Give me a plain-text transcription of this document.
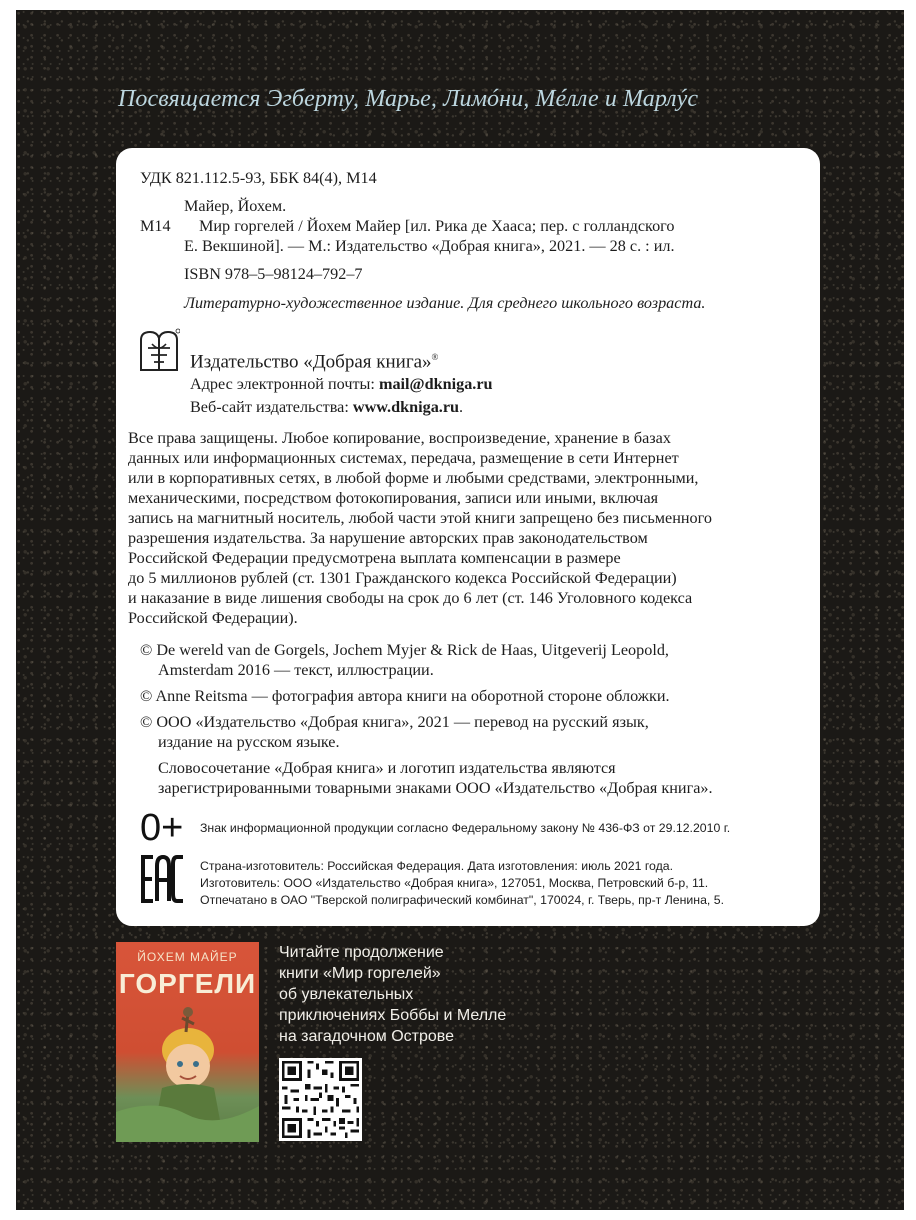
Посвящается Эгберту, Марье, Лимóни, Мéлле и Марлýс
УДК 821.112.5-93, ББК 84(4), М14
Майер, Йохем.
М14 Мир горгелей / Йохем Майер [ил. Рика де Хааса; пер. с голландского
Е. Векшиной]. — М.: Издательство «Добрая книга», 2021. — 28 с. : ил.
ISBN 978–5–98124–792–7
Литературно-художественное издание. Для среднего школьного возраста.
Издательство «Добрая книга»®
Адрес электронной почты: mail@dkniga.ru
Веб-сайт издательства: www.dkniga.ru.
Все права защищены. Любое копирование, воспроизведение, хранение в базах
данных или информационных системах, передача, размещение в сети Интернет
или в корпоративных сетях, в любой форме и любыми средствами, электронными,
механическими, посредством фотокопирования, записи или иными, включая
запись на магнитный носитель, любой части этой книги запрещено без письменного
разрешения издательства. За нарушение авторских прав законодательством
Российской Федерации предусмотрена выплата компенсации в размере
до 5 миллионов рублей (ст. 1301 Гражданского кодекса Российской Федерации)
и наказание в виде лишения свободы на срок до 6 лет (ст. 146 Уголовного кодекса
Российской Федерации).
© De wereld van de Gorgels, Jochem Myjer & Rick de Haas, Uitgeverij Leopold,
Amsterdam 2016 — текст, иллюстрации.
© Anne Reitsma — фотография автора книги на оборотной стороне обложки.
© ООО «Издательство «Добрая книга», 2021 — перевод на русский язык,
издание на русском языке.
Словосочетание «Добрая книга» и логотип издательства являются
зарегистрированными товарными знаками ООО «Издательство «Добрая книга».
0+ Знак информационной продукции согласно Федеральному закону № 436-ФЗ от 29.12.2010 г.
Страна-изготовитель: Российская Федерация. Дата изготовления: июль 2021 года.
Изготовитель: ООО «Издательство «Добрая книга», 127051, Москва, Петровский б-р, 11.
Отпечатано в ОАО "Тверской полиграфический комбинат", 170024, г. Тверь, пр-т Ленина, 5.
ЙОХЕМ МАЙЕР
ГОРГЕЛИ
Читайте продолжение
книги «Мир горгелей»
об увлекательных
приключениях Боббы и Мелле
на загадочном Острове
